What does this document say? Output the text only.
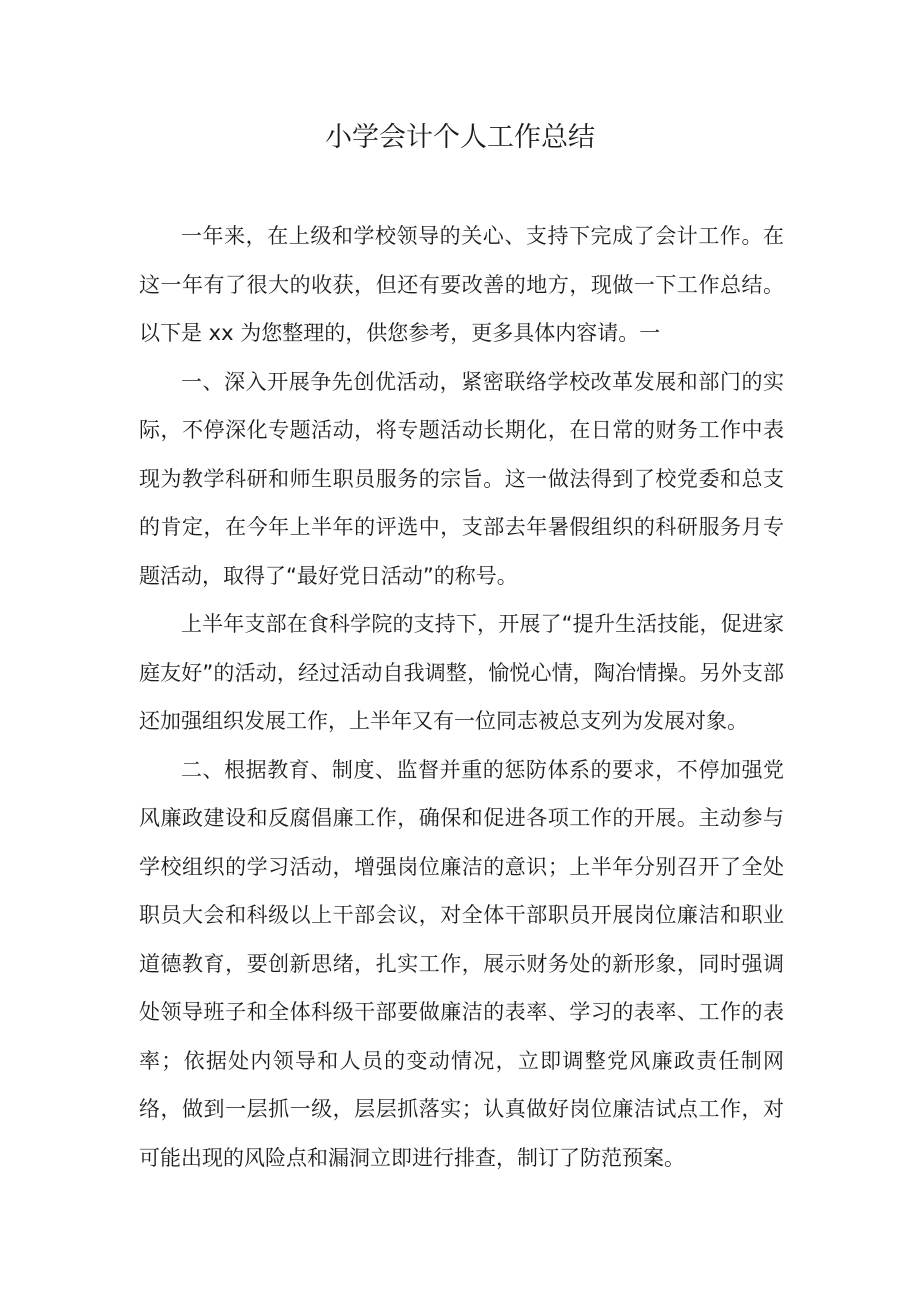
小学会计个人工作总结

一年来，在上级和学校领导的关心、支持下完成了会计工作。在这一年有了很大的收获，但还有要改善的地方，现做一下工作总结。以下是 xx 为您整理的，供您参考，更多具体内容请。一

一、深入开展争先创优活动，紧密联络学校改革发展和部门的实际，不停深化专题活动，将专题活动长期化，在日常的财务工作中表现为教学科研和师生职员服务的宗旨。这一做法得到了校党委和总支的肯定，在今年上半年的评选中，支部去年暑假组织的科研服务月专题活动，取得了“最好党日活动”的称号。

上半年支部在食科学院的支持下，开展了“提升生活技能，促进家庭友好”的活动，经过活动自我调整，愉悦心情，陶冶情操。另外支部还加强组织发展工作，上半年又有一位同志被总支列为发展对象。

二、根据教育、制度、监督并重的惩防体系的要求，不停加强党风廉政建设和反腐倡廉工作，确保和促进各项工作的开展。主动参与学校组织的学习活动，增强岗位廉洁的意识；上半年分别召开了全处职员大会和科级以上干部会议，对全体干部职员开展岗位廉洁和职业道德教育，要创新思绪，扎实工作，展示财务处的新形象，同时强调处领导班子和全体科级干部要做廉洁的表率、学习的表率、工作的表率；依据处内领导和人员的变动情况，立即调整党风廉政责任制网络，做到一层抓一级，层层抓落实；认真做好岗位廉洁试点工作，对可能出现的风险点和漏洞立即进行排查，制订了防范预案。
